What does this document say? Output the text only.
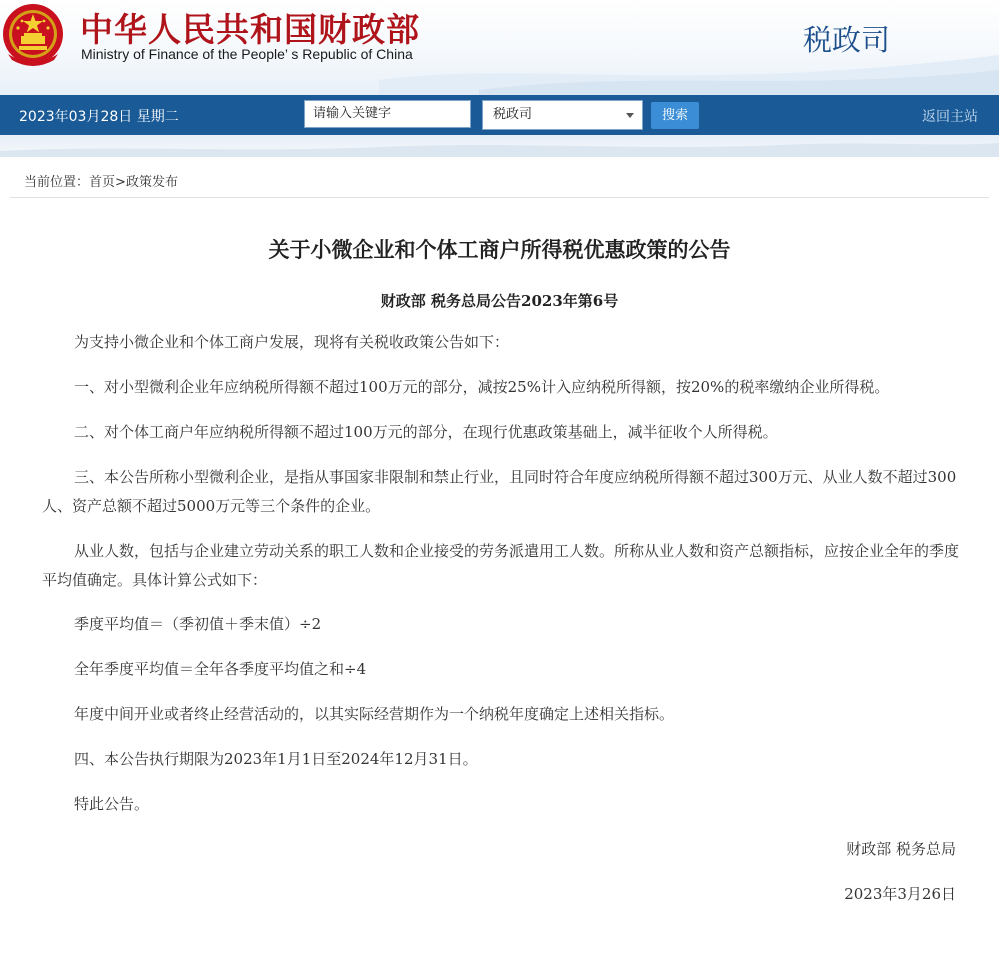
中华人民共和国财政部
Ministry of Finance of the People’ s Republic of China	税政司
2023年03月28日 星期二	请输入关键字	税政司	搜索	返回主站
当前位置：首页>政策发布
关于小微企业和个体工商户所得税优惠政策的公告
财政部 税务总局公告2023年第6号
为支持小微企业和个体工商户发展，现将有关税收政策公告如下：
一、对小型微利企业年应纳税所得额不超过100万元的部分，减按25%计入应纳税所得额，按20%的税率缴纳企业所得税。
二、对个体工商户年应纳税所得额不超过100万元的部分，在现行优惠政策基础上，减半征收个人所得税。
三、本公告所称小型微利企业，是指从事国家非限制和禁止行业，且同时符合年度应纳税所得额不超过300万元、从业人数不超过300人、资产总额不超过5000万元等三个条件的企业。
从业人数，包括与企业建立劳动关系的职工人数和企业接受的劳务派遣用工人数。所称从业人数和资产总额指标，应按企业全年的季度平均值确定。具体计算公式如下：
季度平均值＝（季初值＋季末值）÷2
全年季度平均值＝全年各季度平均值之和÷4
年度中间开业或者终止经营活动的，以其实际经营期作为一个纳税年度确定上述相关指标。
四、本公告执行期限为2023年1月1日至2024年12月31日。
特此公告。
财政部 税务总局
2023年3月26日
